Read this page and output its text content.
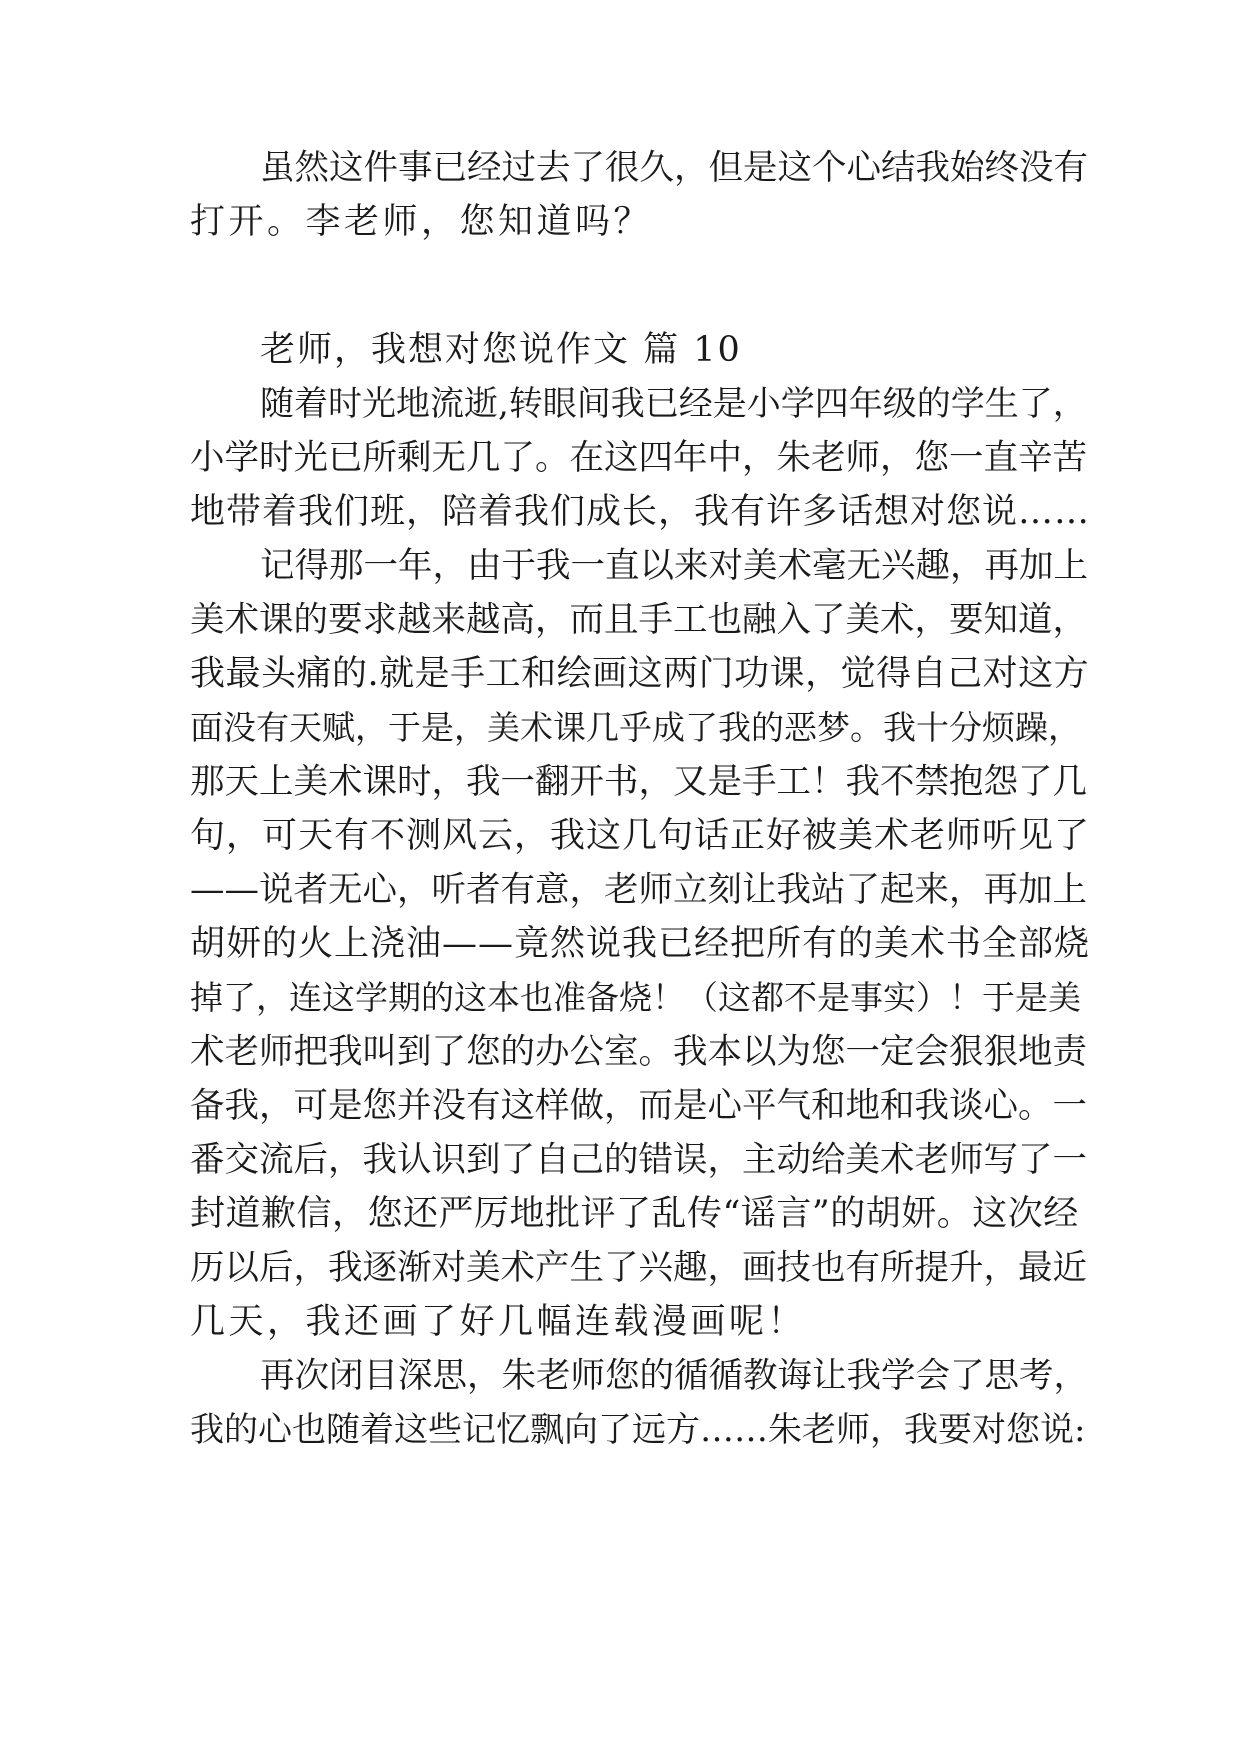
虽然这件事已经过去了很久，但是这个心结我始终没有
打开。李老师，您知道吗？
老师，我想对您说作文 篇 10
随着时光地流逝,转眼间我已经是小学四年级的学生了，
小学时光已所剩无几了。在这四年中，朱老师，您一直辛苦
地带着我们班，陪着我们成长，我有许多话想对您说……
记得那一年，由于我一直以来对美术毫无兴趣，再加上
美术课的要求越来越高，而且手工也融入了美术，要知道，
我最头痛的.就是手工和绘画这两门功课，觉得自己对这方
面没有天赋，于是，美术课几乎成了我的恶梦。我十分烦躁，
那天上美术课时，我一翻开书，又是手工！我不禁抱怨了几
句，可天有不测风云，我这几句话正好被美术老师听见了
——说者无心，听者有意，老师立刻让我站了起来，再加上
胡妍的火上浇油——竟然说我已经把所有的美术书全部烧
掉了，连这学期的这本也准备烧！（这都不是事实）！于是美
术老师把我叫到了您的办公室。我本以为您一定会狠狠地责
备我，可是您并没有这样做，而是心平气和地和我谈心。一
番交流后，我认识到了自己的错误，主动给美术老师写了一
封道歉信，您还严厉地批评了乱传“谣言”的胡妍。这次经
历以后，我逐渐对美术产生了兴趣，画技也有所提升，最近
几天，我还画了好几幅连载漫画呢！
再次闭目深思，朱老师您的循循教诲让我学会了思考，
我的心也随着这些记忆飘向了远方……朱老师，我要对您说:
